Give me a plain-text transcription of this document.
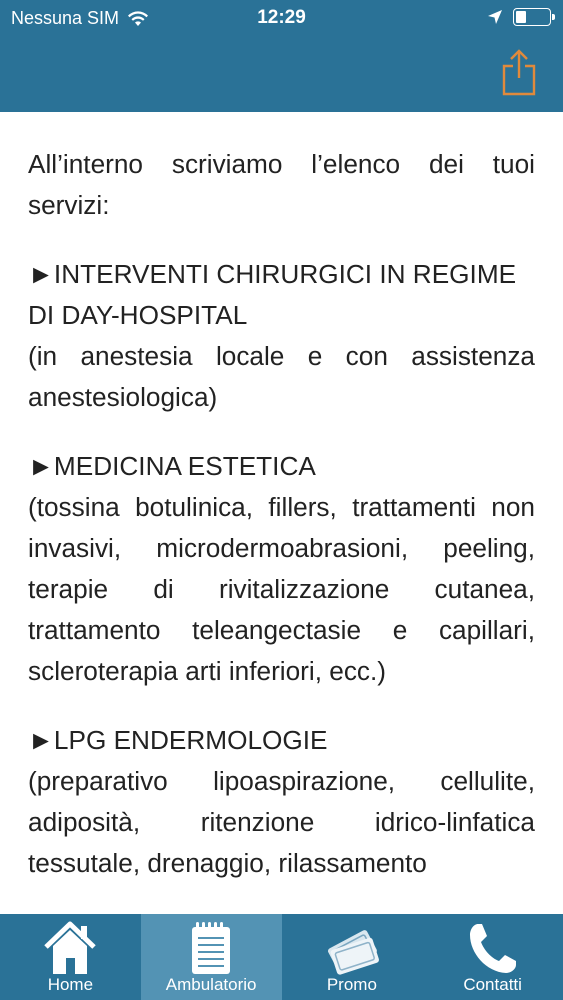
Nessuna SIM	12:29

All’interno scriviamo l’elenco dei tuoi servizi:

►INTERVENTI CHIRURGICI IN REGIME DI DAY-HOSPITAL
(in anestesia locale e con assistenza anestesiologica)

►MEDICINA ESTETICA
(tossina botulinica, fillers, trattamenti non invasivi, microdermoabrasioni, peeling, terapie di rivitalizzazione cutanea, trattamento teleangectasie e capillari, scleroterapia arti inferiori, ecc.)

►LPG ENDERMOLOGIE
(preparativo lipoaspirazione, cellulite, adiposità, ritenzione idrico-linfatica tessutale, drenaggio, rilassamento

Home	Ambulatorio	Promo	Contatti
